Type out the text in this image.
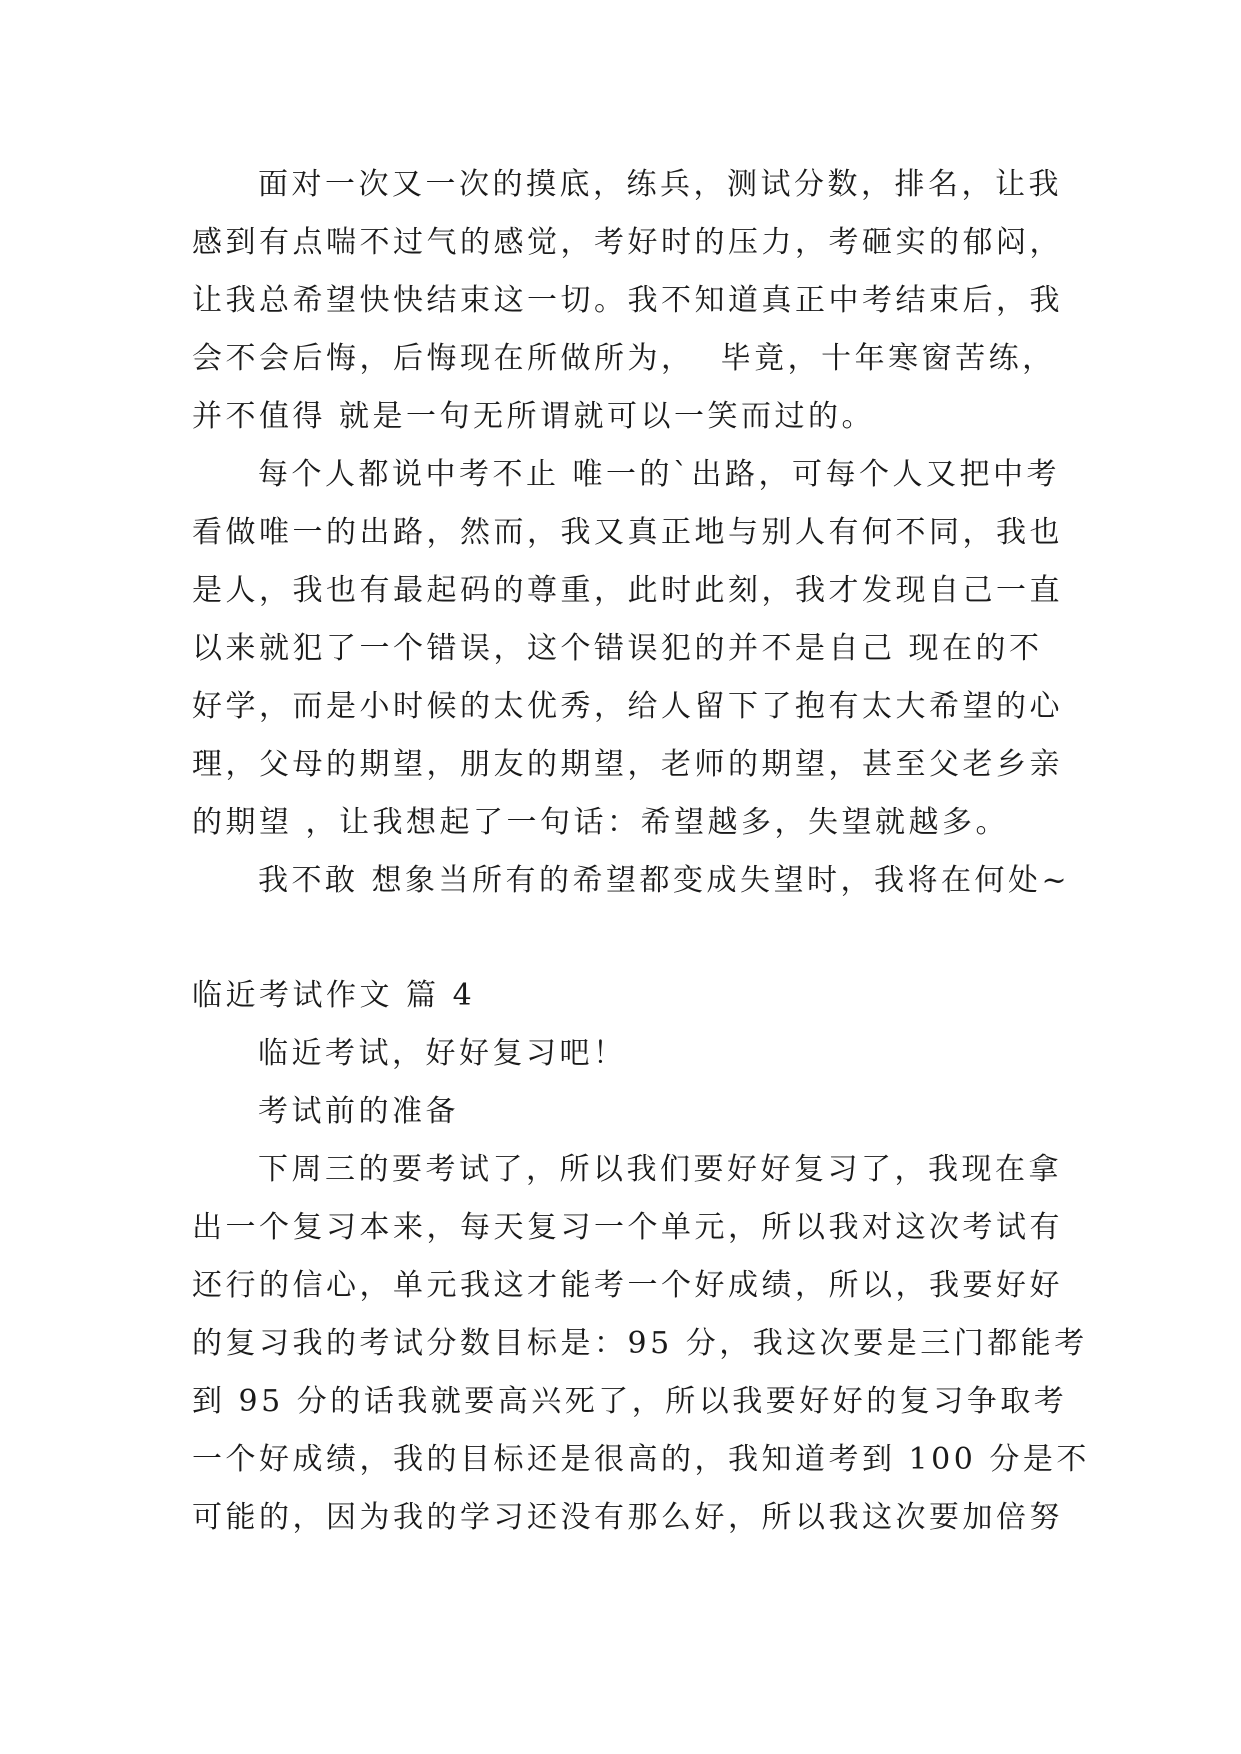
面对一次又一次的摸底，练兵，测试分数，排名，让我
感到有点喘不过气的感觉，考好时的压力，考砸实的郁闷，
让我总希望快快结束这一切。我不知道真正中考结束后，我
会不会后悔，后悔现在所做所为，  毕竟，十年寒窗苦练，
并不值得 就是一句无所谓就可以一笑而过的。
每个人都说中考不止 唯一的`出路，可每个人又把中考
看做唯一的出路，然而，我又真正地与别人有何不同，我也
是人，我也有最起码的尊重，此时此刻，我才发现自己一直
以来就犯了一个错误，这个错误犯的并不是自己 现在的不
好学，而是小时候的太优秀，给人留下了抱有太大希望的心
理，父母的期望，朋友的期望，老师的期望，甚至父老乡亲
的期望 ，让我想起了一句话：希望越多，失望就越多。
我不敢 想象当所有的希望都变成失望时，我将在何处~
临近考试作文 篇 4
临近考试，好好复习吧！
考试前的准备
下周三的要考试了，所以我们要好好复习了，我现在拿
出一个复习本来，每天复习一个单元，所以我对这次考试有
还行的信心，单元我这才能考一个好成绩，所以，我要好好
的复习我的考试分数目标是：95 分，我这次要是三门都能考
到 95 分的话我就要高兴死了，所以我要好好的复习争取考
一个好成绩，我的目标还是很高的，我知道考到 100 分是不
可能的，因为我的学习还没有那么好，所以我这次要加倍努
